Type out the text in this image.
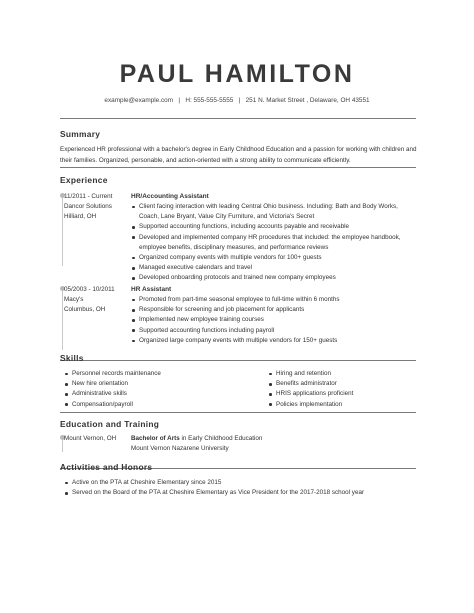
PAUL HAMILTON
example@example.com   |   H: 555-555-5555   |   251 N. Market Street , Delaware, OH 43551
Summary
Experienced HR professional with a bachelor's degree in Early Childhood Education and a passion for working with children and their families. Organized, personable, and action-oriented with a strong ability to communicate efficiently.
Experience
11/2011 - Current
Dancor Solutions
Hilliard, OH
HR/Accounting Assistant
Client facing interaction with leading Central Ohio business. Including: Bath and Body Works,
Coach, Lane Bryant, Value City Furniture, and Victoria's Secret
Supported accounting functions, including accounts payable and receivable
Developed and implemented company HR procedures that included: the employee handbook,
employee benefits, disciplinary measures, and performance reviews
Organized company events with multiple vendors for 100+ guests
Managed executive calendars and travel
Developed onboarding protocols and trained new company employees
05/2003 - 10/2011
Macy's
Columbus, OH
HR Assistant
Promoted from part-time seasonal employee to full-time within 6 months
Responsible for screening and job placement for applicants
Implemented new employee training courses
Supported accounting functions including payroll
Organized large company events with multiple vendors for 150+ guests
Skills
Personnel records maintenance
New hire orientation
Administrative skills
Compensation/payroll
Hiring and retention
Benefits administrator
HRIS applications proficient
Policies implementation
Education and Training
Mount Vernon, OH Bachelor of Arts in Early Childhood Education
Mount Vernon Nazarene University
Activities and Honors
Active on the PTA at Cheshire Elementary since 2015
Served on the Board of the PTA at Cheshire Elementary as Vice President for the 2017-2018 school year
